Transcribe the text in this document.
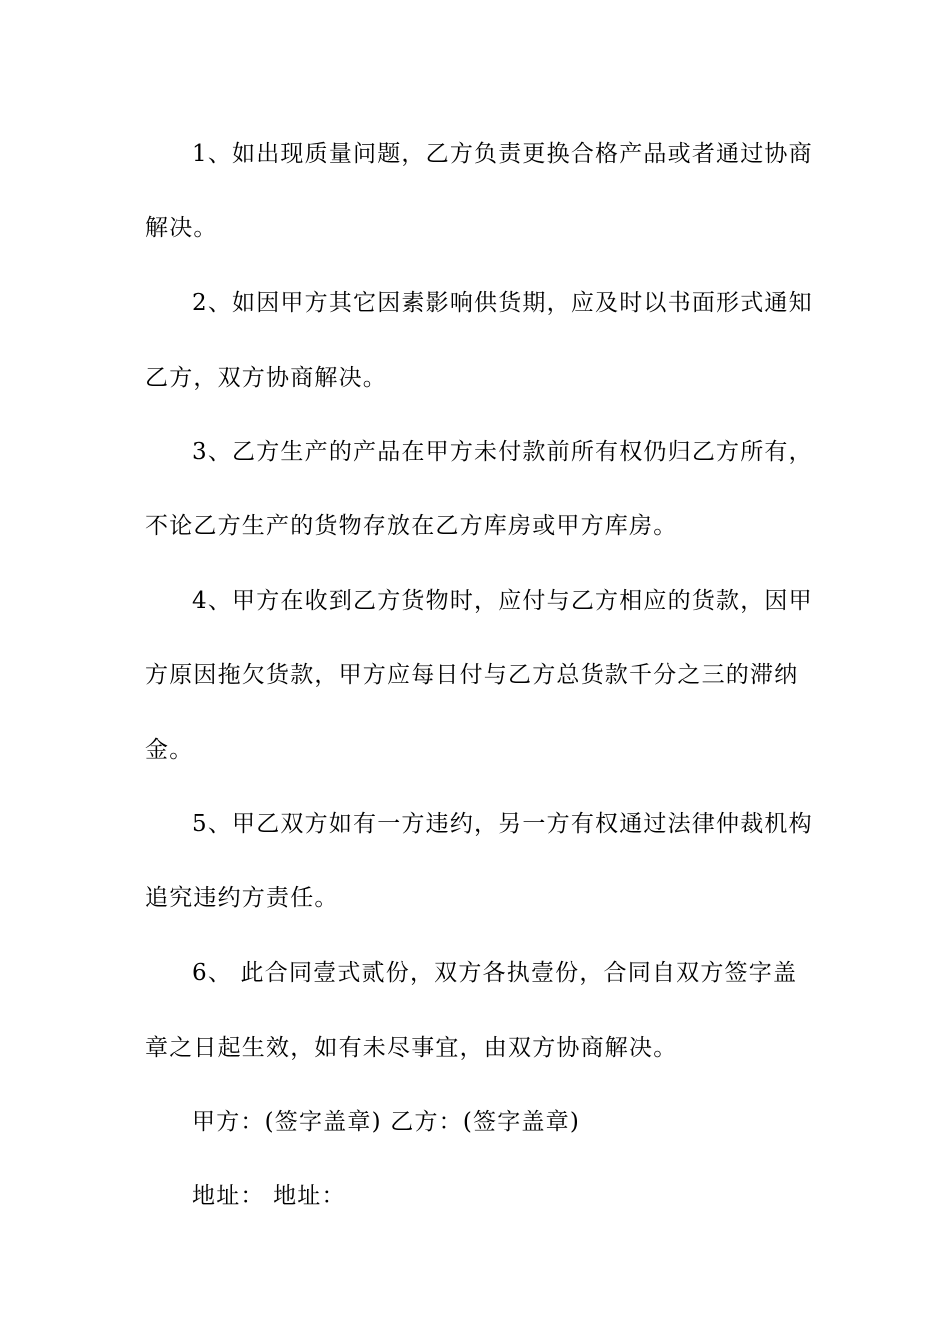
1、如出现质量问题，乙方负责更换合格产品或者通过协商
解决。
2、如因甲方其它因素影响供货期，应及时以书面形式通知
乙方，双方协商解决。
3、乙方生产的产品在甲方未付款前所有权仍归乙方所有，
不论乙方生产的货物存放在乙方库房或甲方库房。
4、甲方在收到乙方货物时，应付与乙方相应的货款，因甲
方原因拖欠货款，甲方应每日付与乙方总货款千分之三的滞纳
金。
5、甲乙双方如有一方违约，另一方有权通过法律仲裁机构
追究违约方责任。
6、 此合同壹式贰份，双方各执壹份，合同自双方签字盖
章之日起生效，如有未尽事宜，由双方协商解决。
甲方：(签字盖章) 乙方：(签字盖章)
地址： 地址：
